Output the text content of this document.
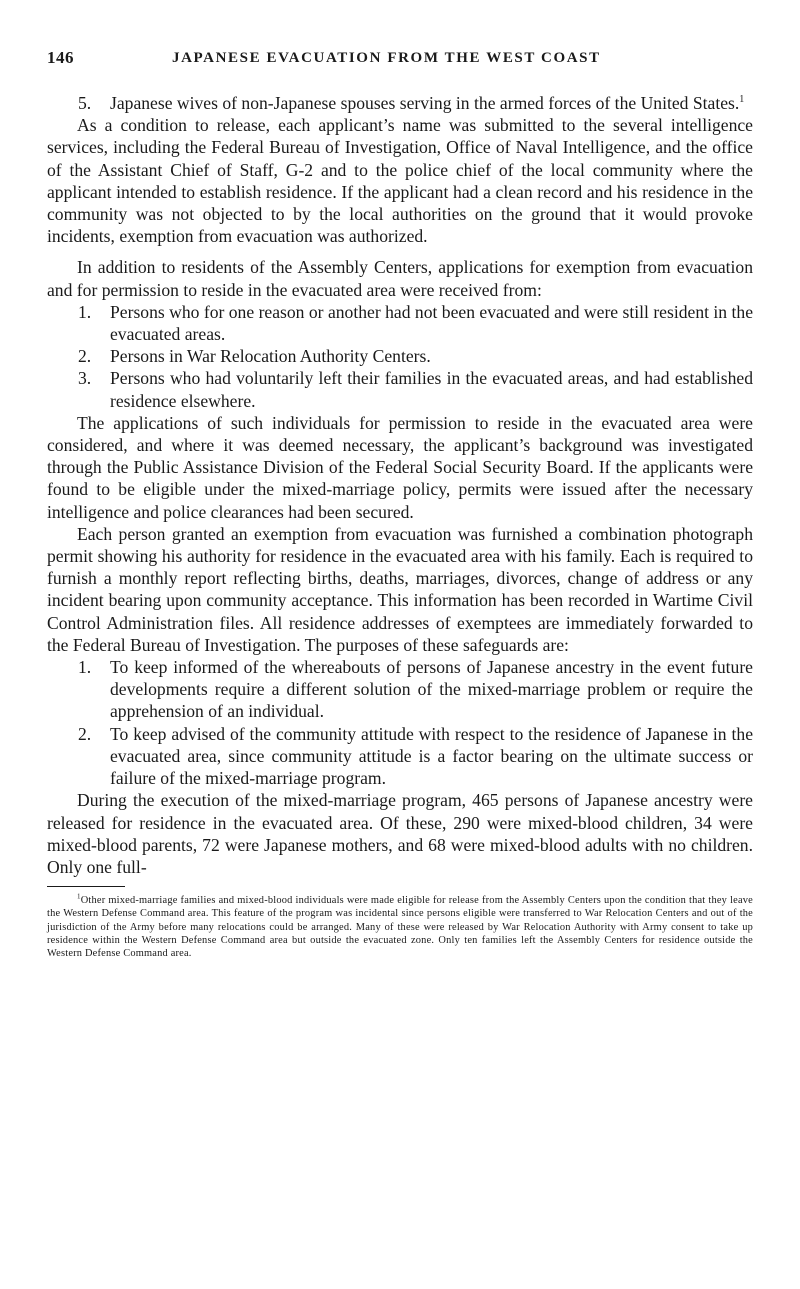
146	JAPANESE EVACUATION FROM THE WEST COAST

5. Japanese wives of non-Japanese spouses serving in the armed forces of the United States.$^1$

As a condition to release, each applicant’s name was submitted to the several intelligence services, including the Federal Bureau of Investigation, Office of Naval Intelligence, and the office of the Assistant Chief of Staff, G-2 and to the police chief of the local community where the applicant intended to establish residence. If the applicant had a clean record and his residence in the community was not objected to by the local authorities on the ground that it would provoke incidents, exemption from evacuation was authorized.

In addition to residents of the Assembly Centers, applications for exemption from evacuation and for permission to reside in the evacuated area were received from:

1. Persons who for one reason or another had not been evacuated and were still resident in the evacuated areas.

2. Persons in War Relocation Authority Centers.

3. Persons who had voluntarily left their families in the evacuated areas, and had established residence elsewhere.

The applications of such individuals for permission to reside in the evacuated area were considered, and where it was deemed necessary, the applicant’s background was investigated through the Public Assistance Division of the Federal Social Security Board. If the applicants were found to be eligible under the mixed-marriage policy, permits were issued after the necessary intelligence and police clearances had been secured.

Each person granted an exemption from evacuation was furnished a combination photograph permit showing his authority for residence in the evacuated area with his family. Each is required to furnish a monthly report reflecting births, deaths, marriages, divorces, change of address or any incident bearing upon community acceptance. This information has been recorded in Wartime Civil Control Administration files. All residence addresses of exemptees are immediately forwarded to the Federal Bureau of Investigation. The purposes of these safeguards are:

1. To keep informed of the whereabouts of persons of Japanese ancestry in the event future developments require a different solution of the mixed-marriage problem or require the apprehension of an individual.

2. To keep advised of the community attitude with respect to the residence of Japanese in the evacuated area, since community attitude is a factor bearing on the ultimate success or failure of the mixed-marriage program.

During the execution of the mixed-marriage program, 465 persons of Japanese ancestry were released for residence in the evacuated area. Of these, 290 were mixed-blood children, 34 were mixed-blood parents, 72 were Japanese mothers, and 68 were mixed-blood adults with no children. Only one full-

$^1$Other mixed-marriage families and mixed-blood individuals were made eligible for release from the Assembly Centers upon the condition that they leave the Western Defense Command area. This feature of the program was incidental since persons eligible were transferred to War Relocation Centers and out of the jurisdiction of the Army before many relocations could be arranged. Many of these were released by War Relocation Authority with Army consent to take up residence within the Western Defense Command area but outside the evacuated zone. Only ten families left the Assembly Centers for residence outside the Western Defense Command area.
